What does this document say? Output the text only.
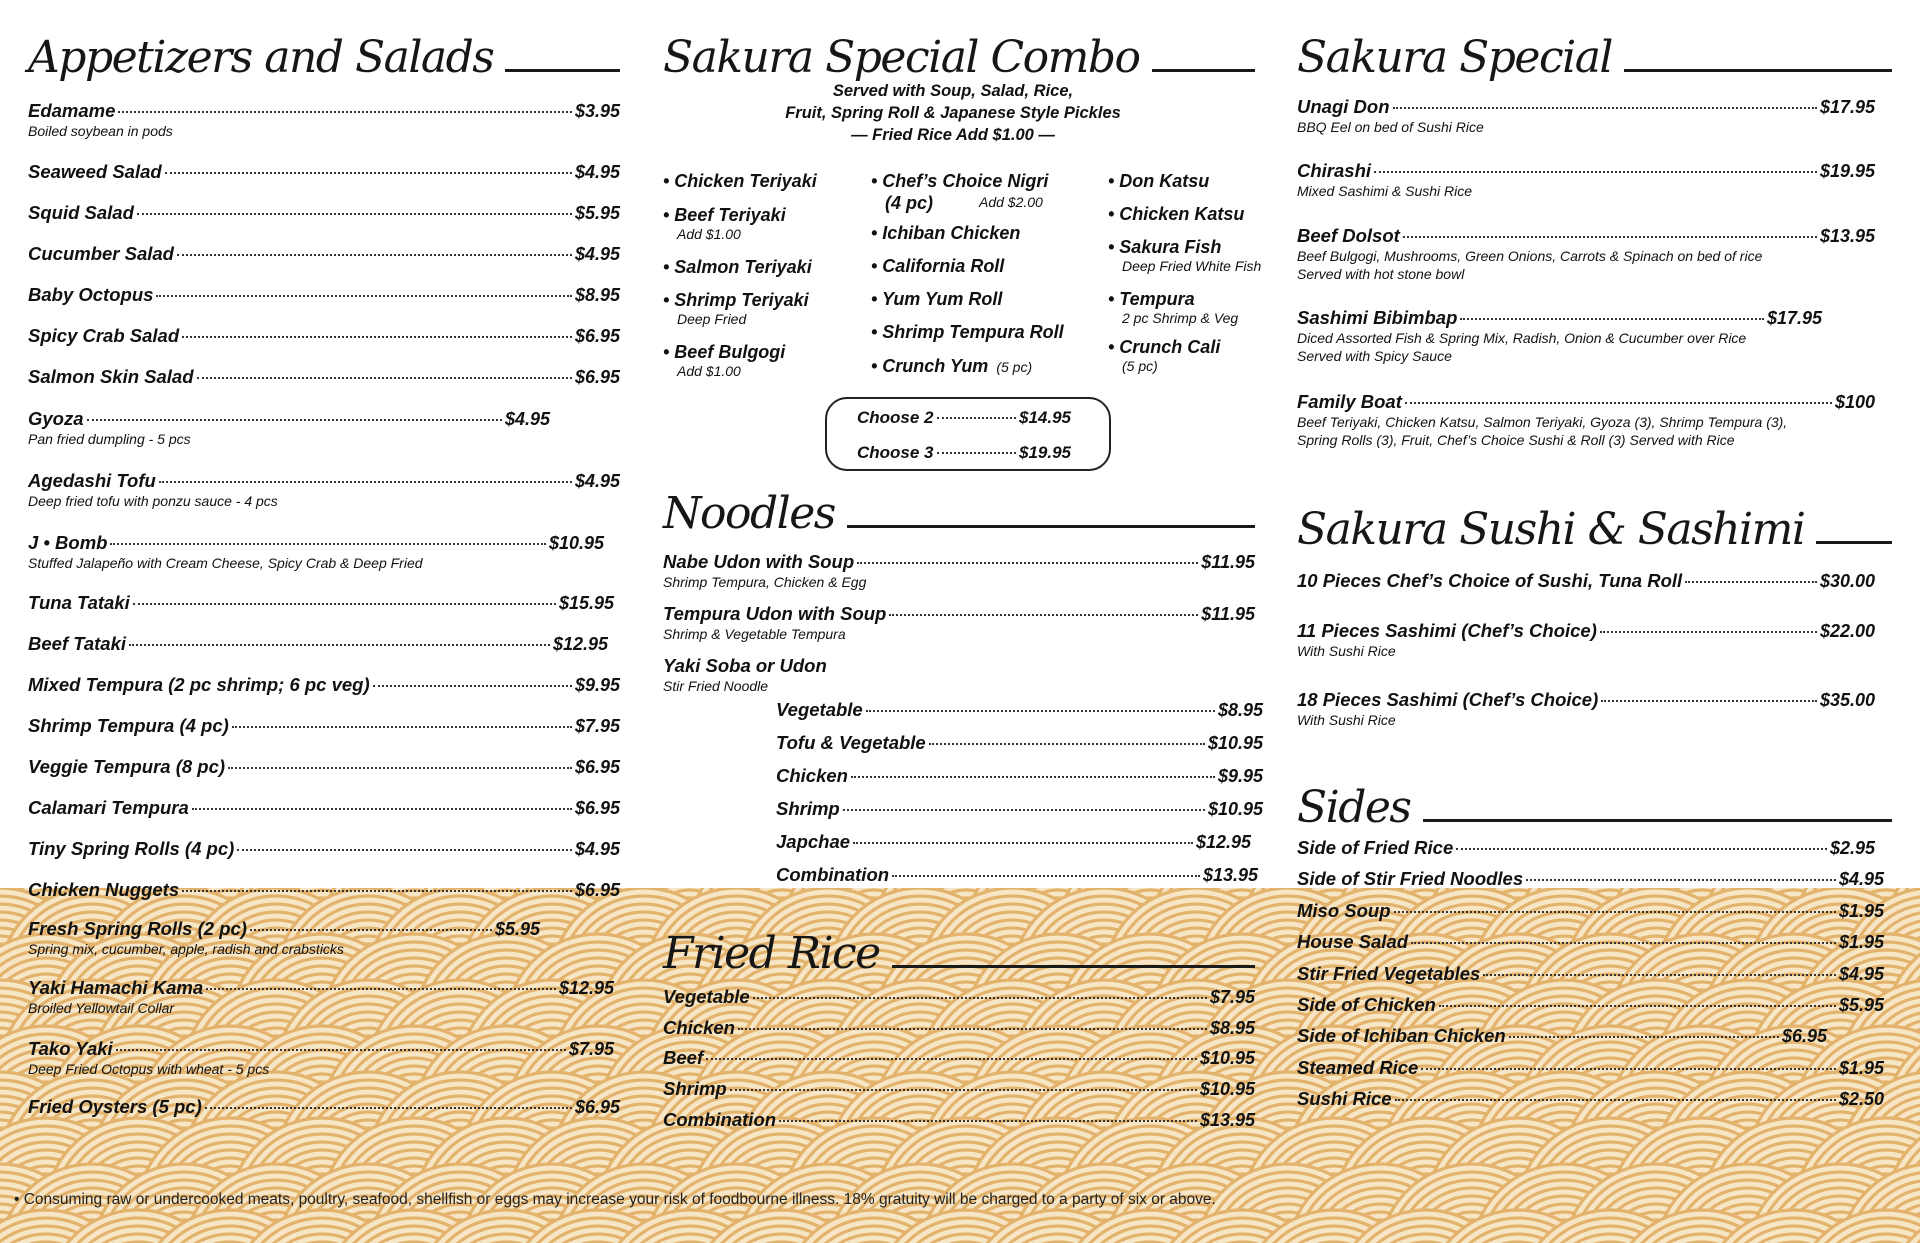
Appetizers and Salads
Edamame	$3.95
Boiled soybean in pods
Seaweed Salad	$4.95
Squid Salad	$5.95
Cucumber Salad	$4.95
Baby Octopus	$8.95
Spicy Crab Salad	$6.95
Salmon Skin Salad	$6.95
Gyoza	$4.95
Pan fried dumpling - 5 pcs
Agedashi Tofu	$4.95
Deep fried tofu with ponzu sauce - 4 pcs
J • Bomb	$10.95
Stuffed Jalapeño with Cream Cheese, Spicy Crab & Deep Fried
Tuna Tataki	$15.95
Beef Tataki	$12.95
Mixed Tempura (2 pc shrimp; 6 pc veg)	$9.95
Shrimp Tempura (4 pc)	$7.95
Veggie Tempura (8 pc)	$6.95
Calamari Tempura	$6.95
Tiny Spring Rolls (4 pc)	$4.95
Chicken Nuggets	$6.95
Fresh Spring Rolls (2 pc)	$5.95
Spring mix, cucumber, apple, radish and crabsticks
Yaki Hamachi Kama	$12.95
Broiled Yellowtail Collar
Tako Yaki	$7.95
Deep Fried Octopus with wheat - 5 pcs
Fried Oysters (5 pc)	$6.95
Sakura Special Combo
Served with Soup, Salad, Rice,
Fruit, Spring Roll & Japanese Style Pickles
— Fried Rice Add $1.00 —
• Chicken Teriyaki
• Beef Teriyaki
Add $1.00
• Salmon Teriyaki
• Shrimp Teriyaki
Deep Fried
• Beef Bulgogi
Add $1.00
• Chef’s Choice Nigri
(4 pc)	Add $2.00
• Ichiban Chicken
• California Roll
• Yum Yum Roll
• Shrimp Tempura Roll
• Crunch Yum (5 pc)
• Don Katsu
• Chicken Katsu
• Sakura Fish
Deep Fried White Fish
• Tempura
2 pc Shrimp & Veg
• Crunch Cali
(5 pc)
Choose 2	$14.95
Choose 3	$19.95
Noodles
Nabe Udon with Soup	$11.95
Shrimp Tempura, Chicken & Egg
Tempura Udon with Soup	$11.95
Shrimp & Vegetable Tempura
Yaki Soba or Udon
Stir Fried Noodle
Vegetable	$8.95
Tofu & Vegetable	$10.95
Chicken	$9.95
Shrimp	$10.95
Japchae	$12.95
Combination	$13.95
Fried Rice
Vegetable	$7.95
Chicken	$8.95
Beef	$10.95
Shrimp	$10.95
Combination	$13.95
Sakura Special
Unagi Don	$17.95
BBQ Eel on bed of Sushi Rice
Chirashi	$19.95
Mixed Sashimi & Sushi Rice
Beef Dolsot	$13.95
Beef Bulgogi, Mushrooms, Green Onions, Carrots & Spinach on bed of rice
Served with hot stone bowl
Sashimi Bibimbap	$17.95
Diced Assorted Fish & Spring Mix, Radish, Onion & Cucumber over Rice
Served with Spicy Sauce
Family Boat	$100
Beef Teriyaki, Chicken Katsu, Salmon Teriyaki, Gyoza (3), Shrimp Tempura (3),
Spring Rolls (3), Fruit, Chef’s Choice Sushi & Roll (3) Served with Rice
Sakura Sushi & Sashimi
10 Pieces Chef’s Choice of Sushi, Tuna Roll	$30.00
11 Pieces Sashimi (Chef’s Choice)	$22.00
With Sushi Rice
18 Pieces Sashimi (Chef’s Choice)	$35.00
With Sushi Rice
Sides
Side of Fried Rice	$2.95
Side of Stir Fried Noodles	$4.95
Miso Soup	$1.95
House Salad	$1.95
Stir Fried Vegetables	$4.95
Side of Chicken	$5.95
Side of Ichiban Chicken	$6.95
Steamed Rice	$1.95
Sushi Rice	$2.50
• Consuming raw or undercooked meats, poultry, seafood, shellfish or eggs may increase your risk of foodbourne illness. 18% gratuity will be charged to a party of six or above.
